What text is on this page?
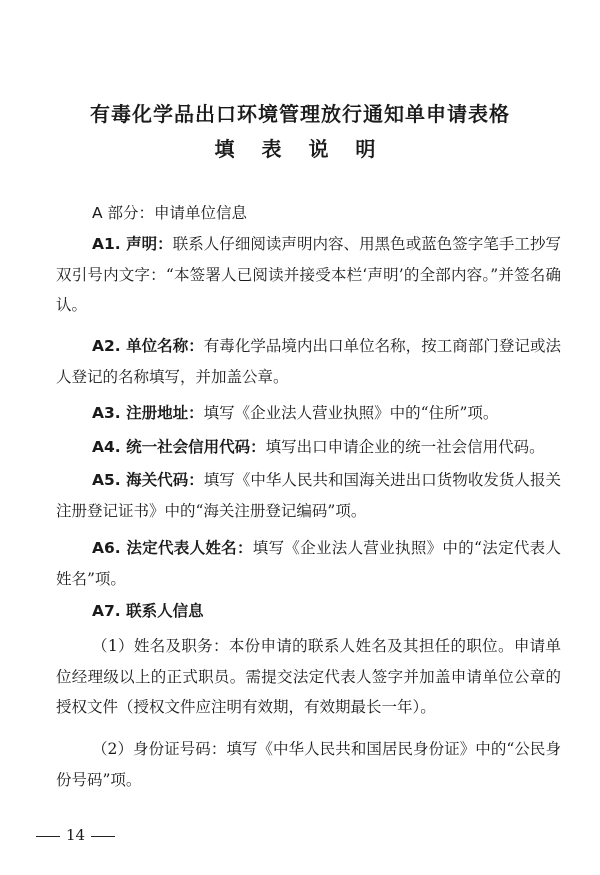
有毒化学品出口环境管理放行通知单申请表格
填 表 说 明
A 部分：申请单位信息
A1. 声明：联系人仔细阅读声明内容、用黑色或蓝色签字笔手工抄写双引号内文字：“本签署人已阅读并接受本栏‘声明’的全部内容。”并签名确认。
A2. 单位名称：有毒化学品境内出口单位名称，按工商部门登记或法人登记的名称填写，并加盖公章。
A3. 注册地址：填写《企业法人营业执照》中的“住所”项。
A4. 统一社会信用代码：填写出口申请企业的统一社会信用代码。
A5. 海关代码：填写《中华人民共和国海关进出口货物收发货人报关注册登记证书》中的“海关注册登记编码”项。
A6. 法定代表人姓名：填写《企业法人营业执照》中的“法定代表人姓名”项。
A7. 联系人信息
（1）姓名及职务：本份申请的联系人姓名及其担任的职位。申请单位经理级以上的正式职员。需提交法定代表人签字并加盖申请单位公章的授权文件（授权文件应注明有效期，有效期最长一年）。
（2）身份证号码：填写《中华人民共和国居民身份证》中的“公民身份号码”项。
14
